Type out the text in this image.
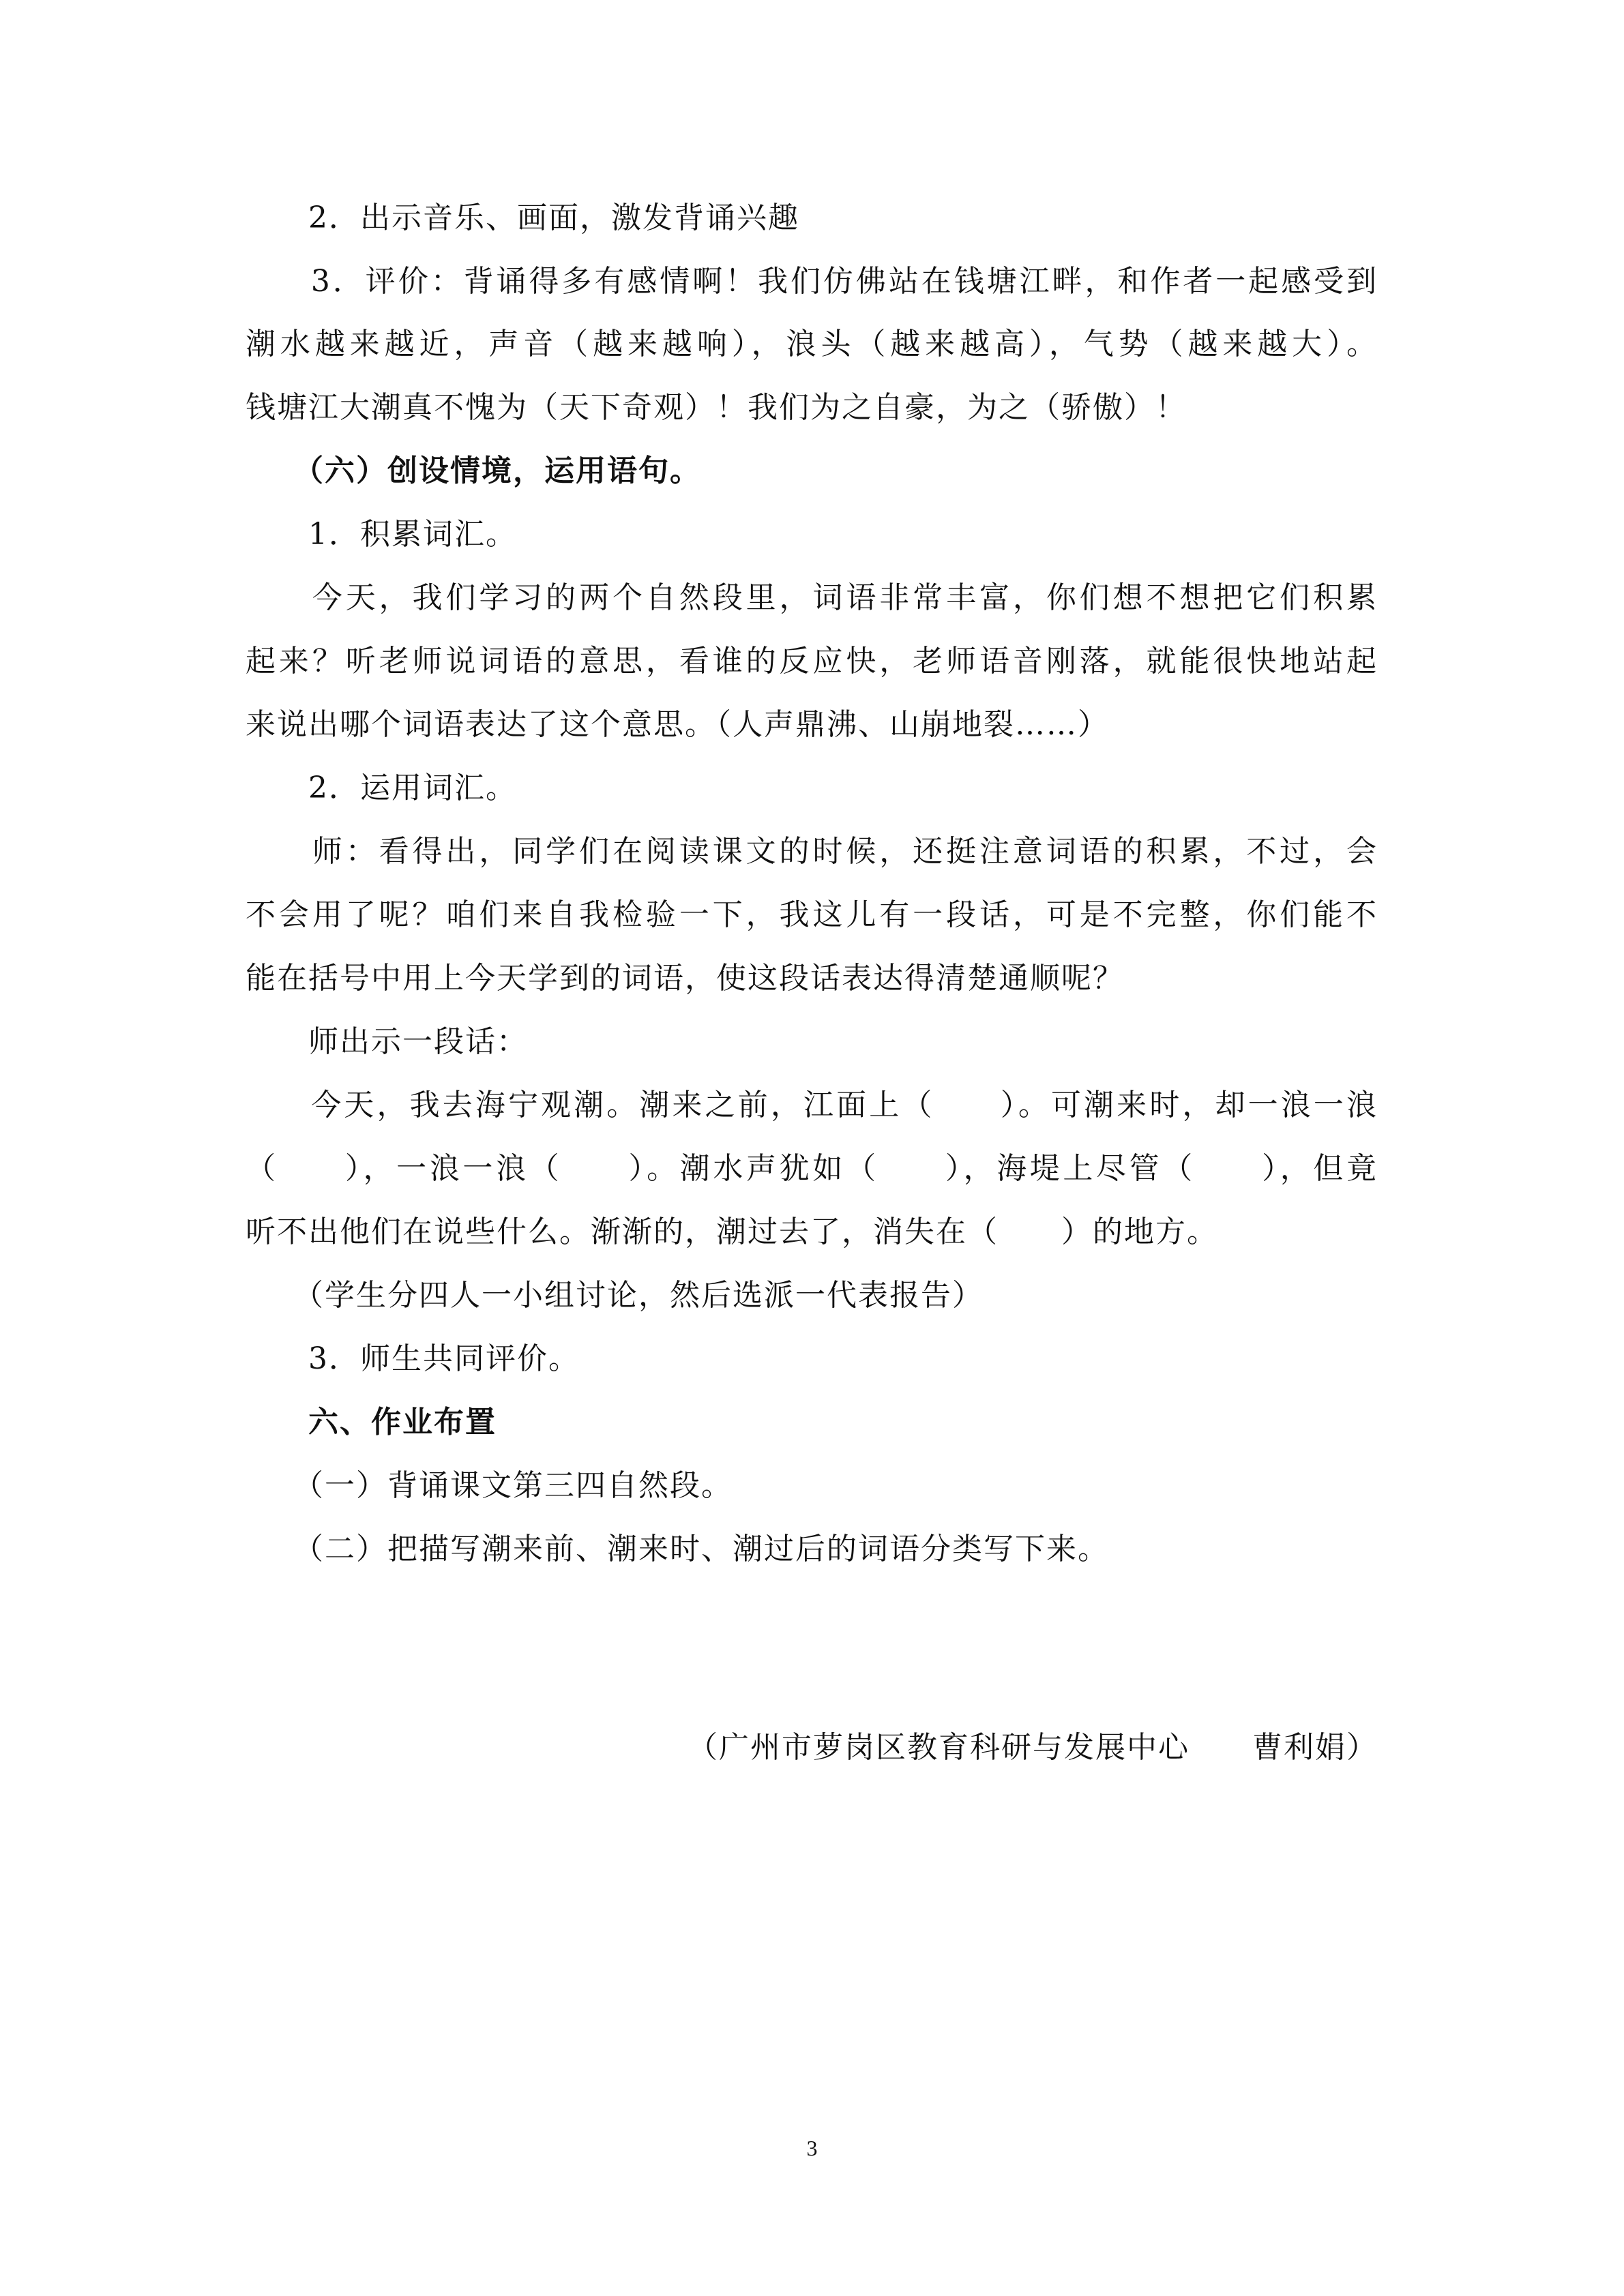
　　2．出示音乐、画面，激发背诵兴趣
　　3．评价：背诵得多有感情啊！我们仿佛站在钱塘江畔，和作者一起感受到
潮水越来越近，声音（越来越响），浪头（越来越高），气势（越来越大）。
钱塘江大潮真不愧为（天下奇观）！我们为之自豪，为之（骄傲）！
　　（六）创设情境，运用语句。
　　1．积累词汇。
　　今天，我们学习的两个自然段里，词语非常丰富，你们想不想把它们积累
起来？听老师说词语的意思，看谁的反应快，老师语音刚落，就能很快地站起
来说出哪个词语表达了这个意思。（人声鼎沸、山崩地裂……）
　　2．运用词汇。
　　师：看得出，同学们在阅读课文的时候，还挺注意词语的积累，不过，会
不会用了呢？咱们来自我检验一下，我这儿有一段话，可是不完整，你们能不
能在括号中用上今天学到的词语，使这段话表达得清楚通顺呢？
　　师出示一段话：
　　今天，我去海宁观潮。潮来之前，江面上（　　）。可潮来时，却一浪一浪
（　　），一浪一浪（　　）。潮水声犹如（　　），海堤上尽管（　　），但竟
听不出他们在说些什么。渐渐的，潮过去了，消失在（　　）的地方。
　　（学生分四人一小组讨论，然后选派一代表报告）
　　3．师生共同评价。
　　六、作业布置
　　（一）背诵课文第三四自然段。
　　（二）把描写潮来前、潮来时、潮过后的词语分类写下来。
（广州市萝岗区教育科研与发展中心　　曹利娟）
3
